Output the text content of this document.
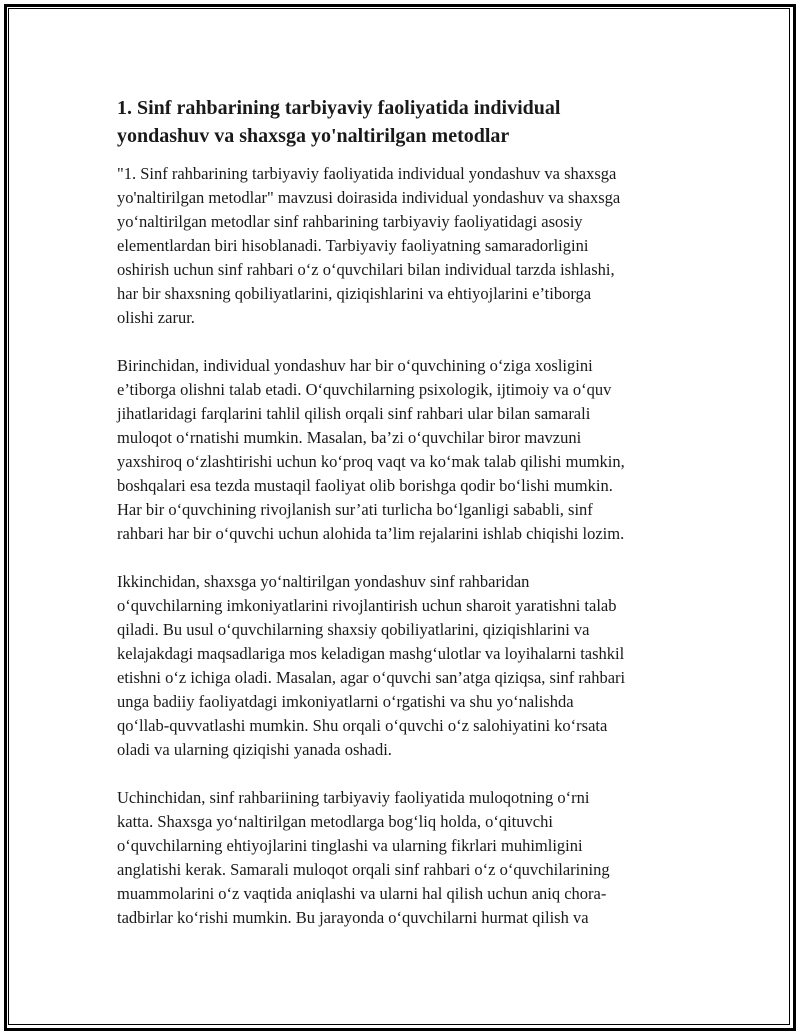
1. Sinf rahbarining tarbiyaviy faoliyatida individual
yondashuv va shaxsga yo'naltirilgan metodlar

"1. Sinf rahbarining tarbiyaviy faoliyatida individual yondashuv va shaxsga
yo'naltirilgan metodlar" mavzusi doirasida individual yondashuv va shaxsga
yo‘naltirilgan metodlar sinf rahbarining tarbiyaviy faoliyatidagi asosiy
elementlardan biri hisoblanadi. Tarbiyaviy faoliyatning samaradorligini
oshirish uchun sinf rahbari o‘z o‘quvchilari bilan individual tarzda ishlashi,
har bir shaxsning qobiliyatlarini, qiziqishlarini va ehtiyojlarini e’tiborga
olishi zarur.

Birinchidan, individual yondashuv har bir o‘quvchining o‘ziga xosligini
e’tiborga olishni talab etadi. O‘quvchilarning psixologik, ijtimoiy va o‘quv
jihatlaridagi farqlarini tahlil qilish orqali sinf rahbari ular bilan samarali
muloqot o‘rnatishi mumkin. Masalan, ba’zi o‘quvchilar biror mavzuni
yaxshiroq o‘zlashtirishi uchun ko‘proq vaqt va ko‘mak talab qilishi mumkin,
boshqalari esa tezda mustaqil faoliyat olib borishga qodir bo‘lishi mumkin.
Har bir o‘quvchining rivojlanish sur’ati turlicha bo‘lganligi sababli, sinf
rahbari har bir o‘quvchi uchun alohida ta’lim rejalarini ishlab chiqishi lozim.

Ikkinchidan, shaxsga yo‘naltirilgan yondashuv sinf rahbaridan
o‘quvchilarning imkoniyatlarini rivojlantirish uchun sharoit yaratishni talab
qiladi. Bu usul o‘quvchilarning shaxsiy qobiliyatlarini, qiziqishlarini va
kelajakdagi maqsadlariga mos keladigan mashg‘ulotlar va loyihalarni tashkil
etishni o‘z ichiga oladi. Masalan, agar o‘quvchi san’atga qiziqsa, sinf rahbari
unga badiiy faoliyatdagi imkoniyatlarni o‘rgatishi va shu yo‘nalishda
qo‘llab-quvvatlashi mumkin. Shu orqali o‘quvchi o‘z salohiyatini ko‘rsata
oladi va ularning qiziqishi yanada oshadi.

Uchinchidan, sinf rahbariining tarbiyaviy faoliyatida muloqotning o‘rni
katta. Shaxsga yo‘naltirilgan metodlarga bog‘liq holda, o‘qituvchi
o‘quvchilarning ehtiyojlarini tinglashi va ularning fikrlari muhimligini
anglatishi kerak. Samarali muloqot orqali sinf rahbari o‘z o‘quvchilarining
muammolarini o‘z vaqtida aniqlashi va ularni hal qilish uchun aniq chora-
tadbirlar ko‘rishi mumkin. Bu jarayonda o‘quvchilarni hurmat qilish va
